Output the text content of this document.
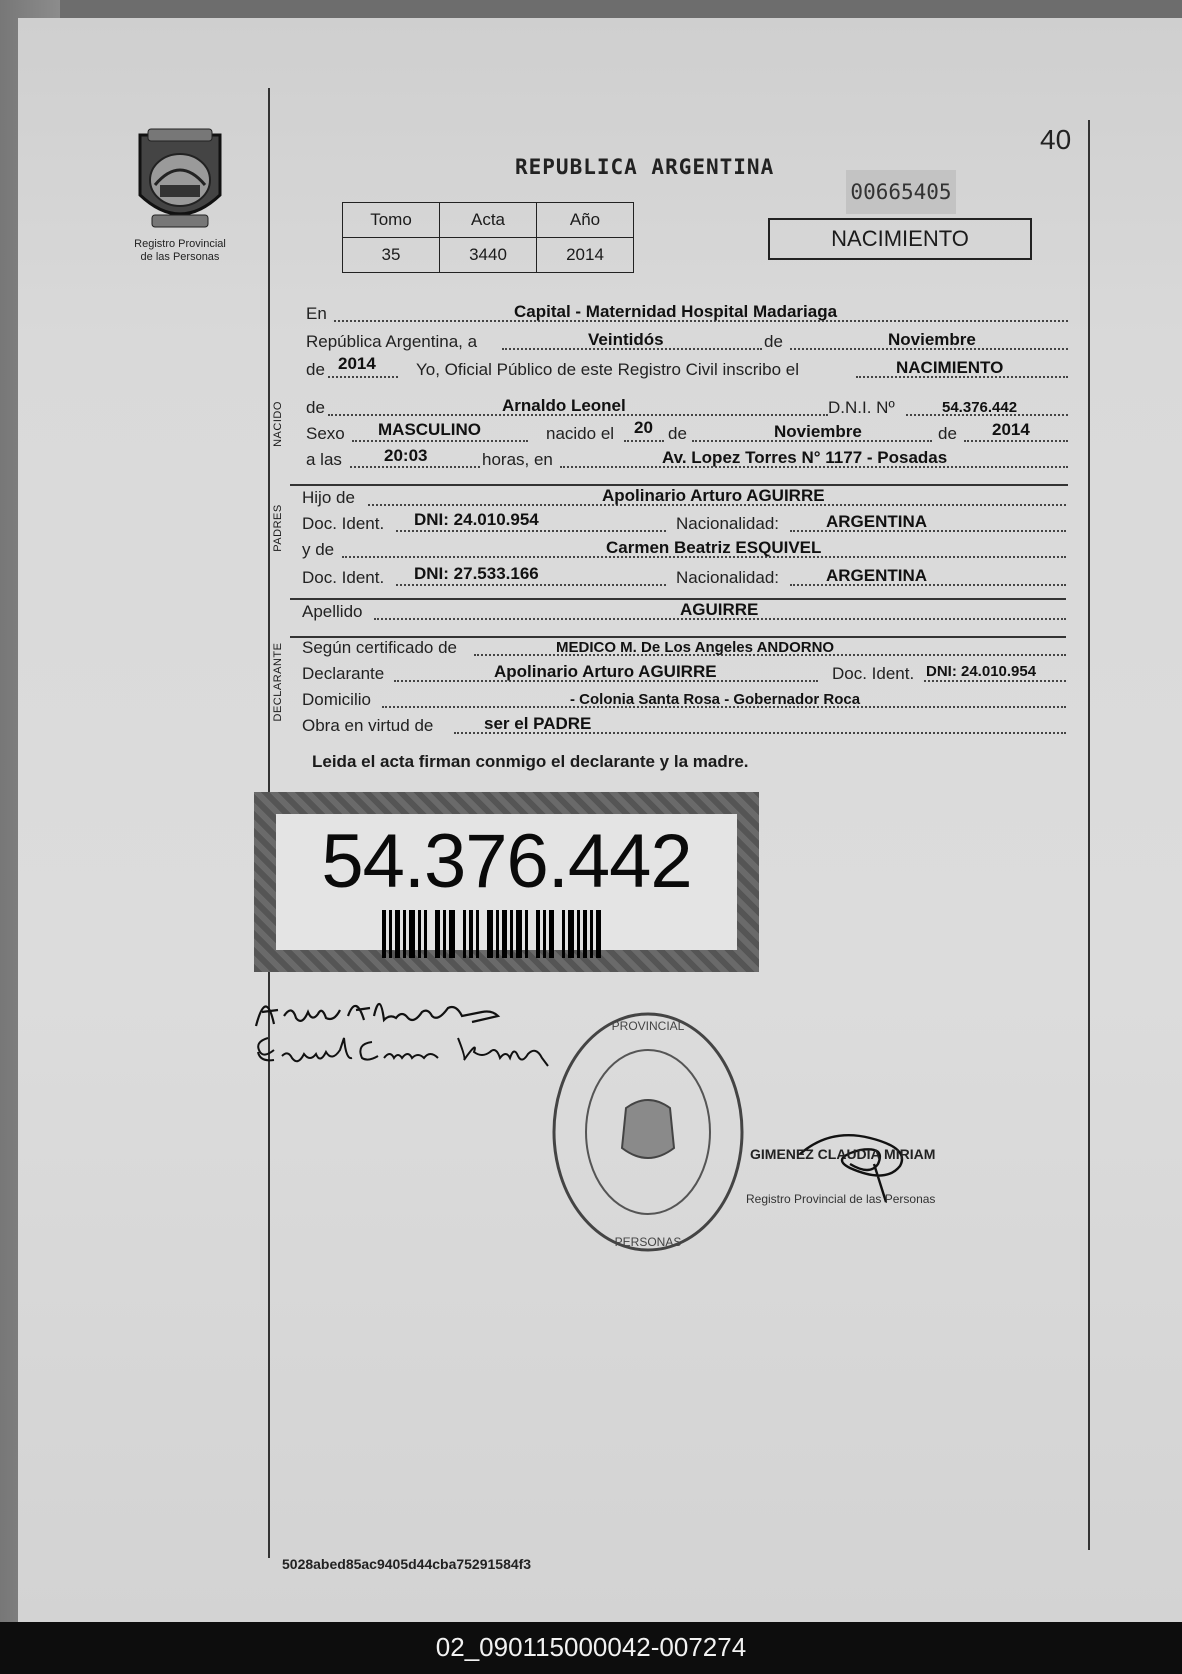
Registro Provincial
de las Personas
40
REPUBLICA ARGENTINA
00665405
Tomo	Acta	Año
35	3440	2014
NACIMIENTO
En	Capital - Maternidad Hospital Madariaga
República Argentina, a	Veintidós	de	Noviembre
de 2014 Yo, Oficial Público de este Registro Civil inscribo el	NACIMIENTO
NACIDO de	Arnaldo Leonel	D.N.I. Nº	54.376.442
Sexo MASCULINO	nacido el 20 de	Noviembre	de 2014
a las 20:03	horas, en	Av. Lopez Torres N° 1177 - Posadas
PADRES
Hijo de	Apolinario Arturo AGUIRRE
Doc. Ident. DNI: 24.010.954	Nacionalidad:	ARGENTINA
y de	Carmen Beatriz ESQUIVEL
Doc. Ident. DNI: 27.533.166	Nacionalidad:	ARGENTINA
Apellido	AGUIRRE
DECLARANTE Según certificado de	MEDICO M. De Los Angeles ANDORNO
Declarante	Apolinario Arturo AGUIRRE	Doc. Ident. DNI: 24.010.954
Domicilio	- Colonia Santa Rosa - Gobernador Roca
Obra en virtud de	ser el PADRE
Leida el acta firman conmigo el declarante y la madre.
54.376.442
PROVINCIAL
PERSONAS
GIMENEZ CLAUDIA MIRIAM
Registro Provincial de las Personas
5028abed85ac9405d44cba75291584f3
02_090115000042-007274
